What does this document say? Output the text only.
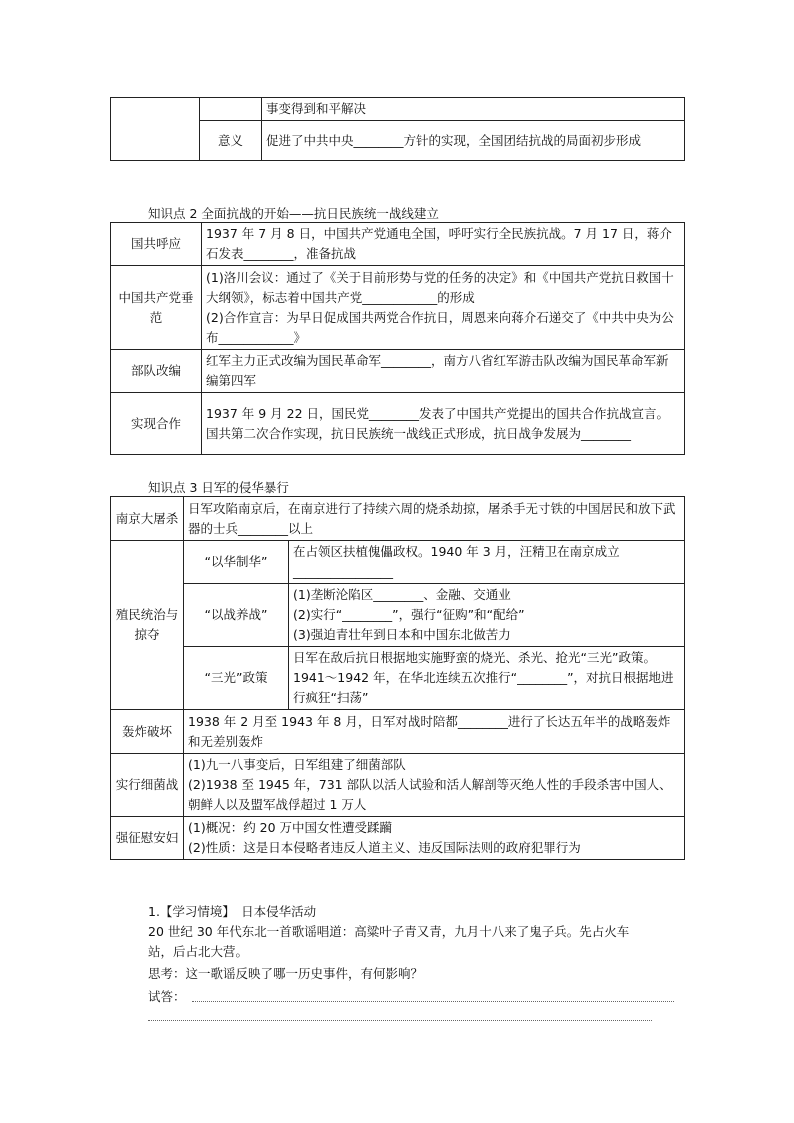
		事变得到和平解决
	意义	促进了中共中央________方针的实现，全国团结抗战的局面初步形成
知识点 2 全面抗战的开始——抗日民族统一战线建立
国共呼应	1937 年 7 月 8 日，中国共产党通电全国，呼吁实行全民族抗战。7 月 17 日，蒋介石发表________，准备抗战
中国共产党垂范	(1)洛川会议：通过了《关于目前形势与党的任务的决定》和《中国共产党抗日救国十大纲领》，标志着中国共产党____________的形成
(2)合作宣言：为早日促成国共两党合作抗日，周恩来向蒋介石递交了《中共中央为公布____________》
部队改编	红军主力正式改编为国民革命军________，南方八省红军游击队改编为国民革命军新编第四军
实现合作	1937 年 9 月 22 日，国民党________发表了中国共产党提出的国共合作抗战宣言。国共第二次合作实现，抗日民族统一战线正式形成，抗日战争发展为________
知识点 3 日军的侵华暴行
南京大屠杀	日军攻陷南京后，在南京进行了持续六周的烧杀劫掠，屠杀手无寸铁的中国居民和放下武器的士兵________以上	
殖民统治与掠夺	“以华制华”	在占领区扶植傀儡政权。1940 年 3 月，汪精卫在南京成立________________
	“以战养战”	(1)垄断沦陷区________、金融、交通业
(2)实行“________”，强行“征购”和“配给”
(3)强迫青壮年到日本和中国东北做苦力
	“三光”政策	日军在敌后抗日根据地实施野蛮的烧光、杀光、抢光“三光”政策。1941～1942 年，在华北连续五次推行“________”，对抗日根据地进行疯狂“扫荡”
轰炸破坏	1938 年 2 月至 1943 年 8 月，日军对战时陪都________进行了长达五年半的战略轰炸和无差别轰炸	
实行细菌战	(1)九一八事变后，日军组建了细菌部队
(2)1938 至 1945 年，731 部队以活人试验和活人解剖等灭绝人性的手段杀害中国人、朝鲜人以及盟军战俘超过 1 万人	
强征慰安妇	(1)概况：约 20 万中国女性遭受蹂躏
(2)性质：这是日本侵略者违反人道主义、违反国际法则的政府犯罪行为	
1.【学习情境】　日本侵华活动
20 世纪 30 年代东北一首歌谣唱道：高粱叶子青又青，九月十八来了鬼子兵。先占火车
站，后占北大营。
思考：这一歌谣反映了哪一历史事件，有何影响？
试答：
